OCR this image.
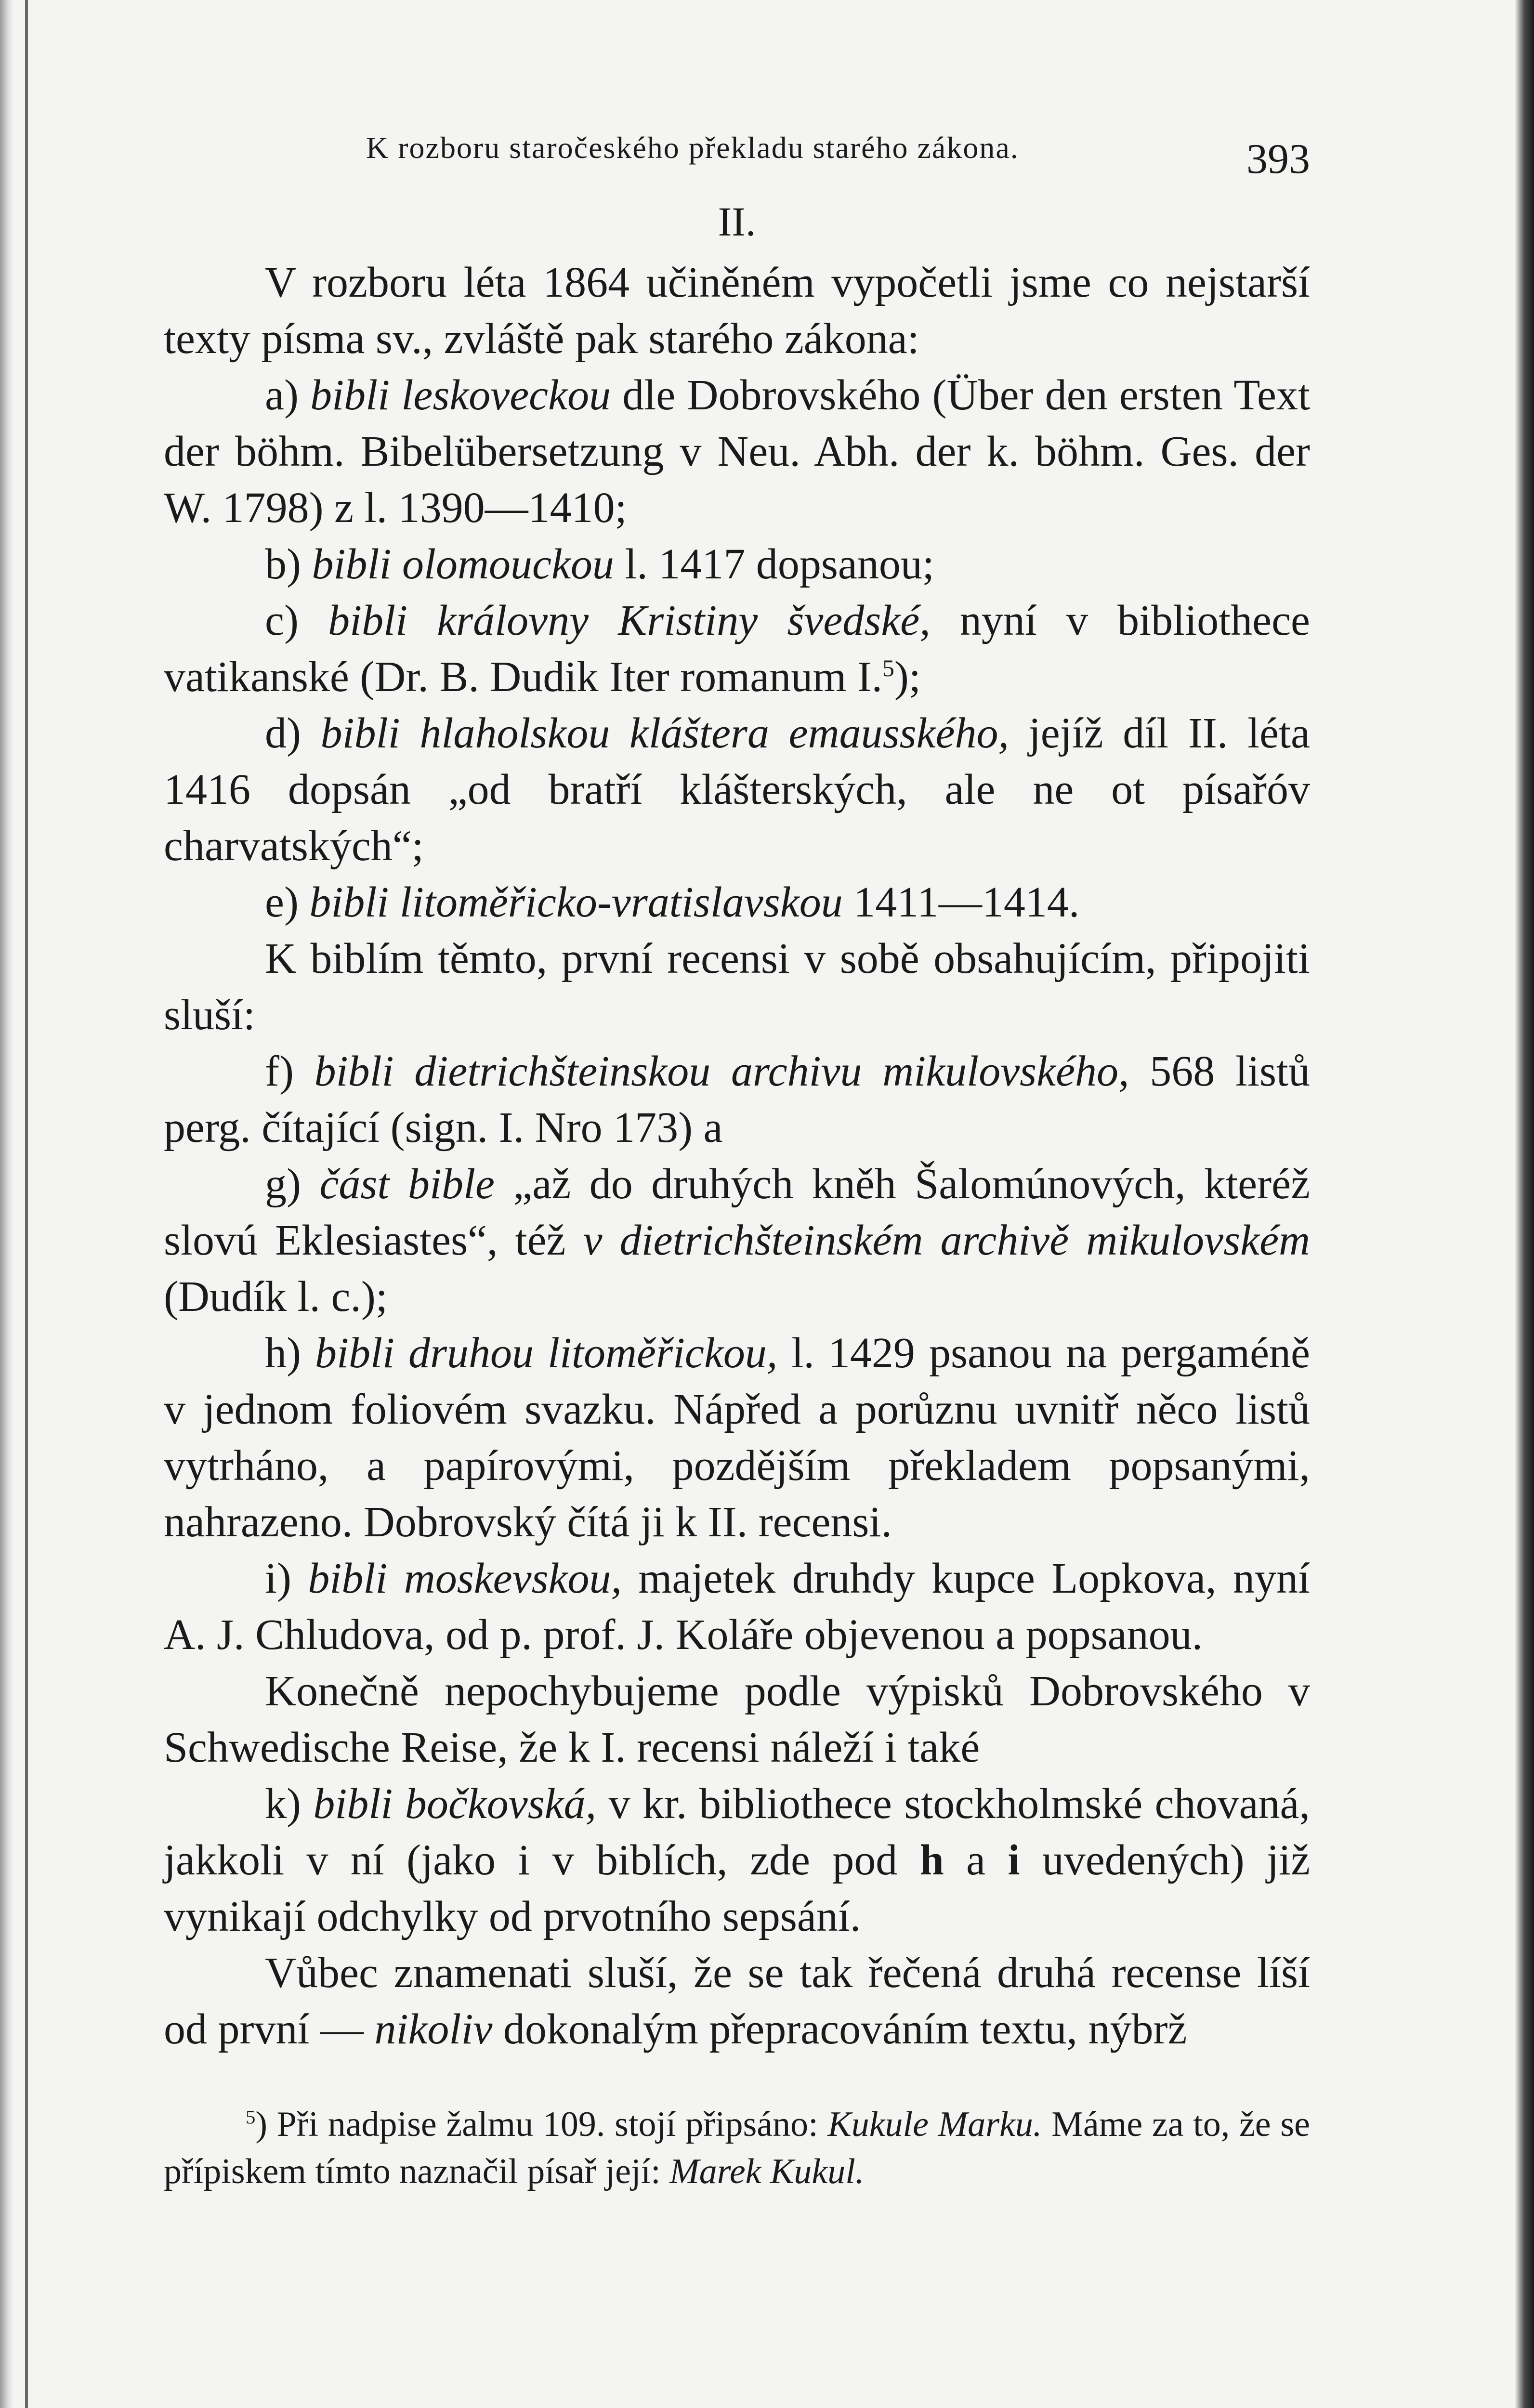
K rozboru staročeského překladu starého zákona.	393
II.

V rozboru léta 1864 učiněném vypočetli jsme co nejstarší texty písma sv., zvláště pak starého zákona:

a) bibli leskoveckou dle Dobrovského (Über den ersten Text der böhm. Bibelübersetzung v Neu. Abh. der k. böhm. Ges. der W. 1798) z l. 1390—1410;

b) bibli olomouckou l. 1417 dopsanou;

c) bibli královny Kristiny švedské, nyní v bibliothece vatikanské (Dr. B. Dudik Iter romanum I.$^5$);

d) bibli hlaholskou kláštera emausského, jejíž díl II. léta 1416 dopsán „od bratří klášterských, ale ne ot písařóv charvatských“;

e) bibli litoměřicko-vratislavskou 1411—1414.

K biblím těmto, první recensi v sobě obsahujícím, připojiti sluší:

f) bibli dietrichšteinskou archivu mikulovského, 568 listů perg. čítající (sign. I. Nro 173) a

g) část bible „až do druhých kněh Šalomúnových, kteréž slovú Eklesiastes“, též v dietrichšteinském archivě mikulovském (Dudík l. c.);

h) bibli druhou litoměřickou, l. 1429 psanou na pergaméně v jednom foliovém svazku. Nápřed a porůznu uvnitř něco listů vytrháno, a papírovými, pozdějším překladem popsanými, nahrazeno. Dobrovský čítá ji k II. recensi.

i) bibli moskevskou, majetek druhdy kupce Lopkova, nyní A. J. Chludova, od p. prof. J. Koláře objevenou a popsanou.

Konečně nepochybujeme podle výpisků Dobrovského v Schwedische Reise, že k I. recensi náleží i také

k) bibli bočkovská, v kr. bibliothece stockholmské chovaná, jakkoli v ní (jako i v biblích, zde pod h a i uvedených) již vynikají odchylky od prvotního sepsání.

Vůbec znamenati sluší, že se tak řečená druhá recense líší od první — nikoliv dokonalým přepracováním textu, nýbrž

$^5$) Při nadpise žalmu 109. stojí připsáno: Kukule Marku. Máme za to, že se přípiskem tímto naznačil písař její: Marek Kukul.
